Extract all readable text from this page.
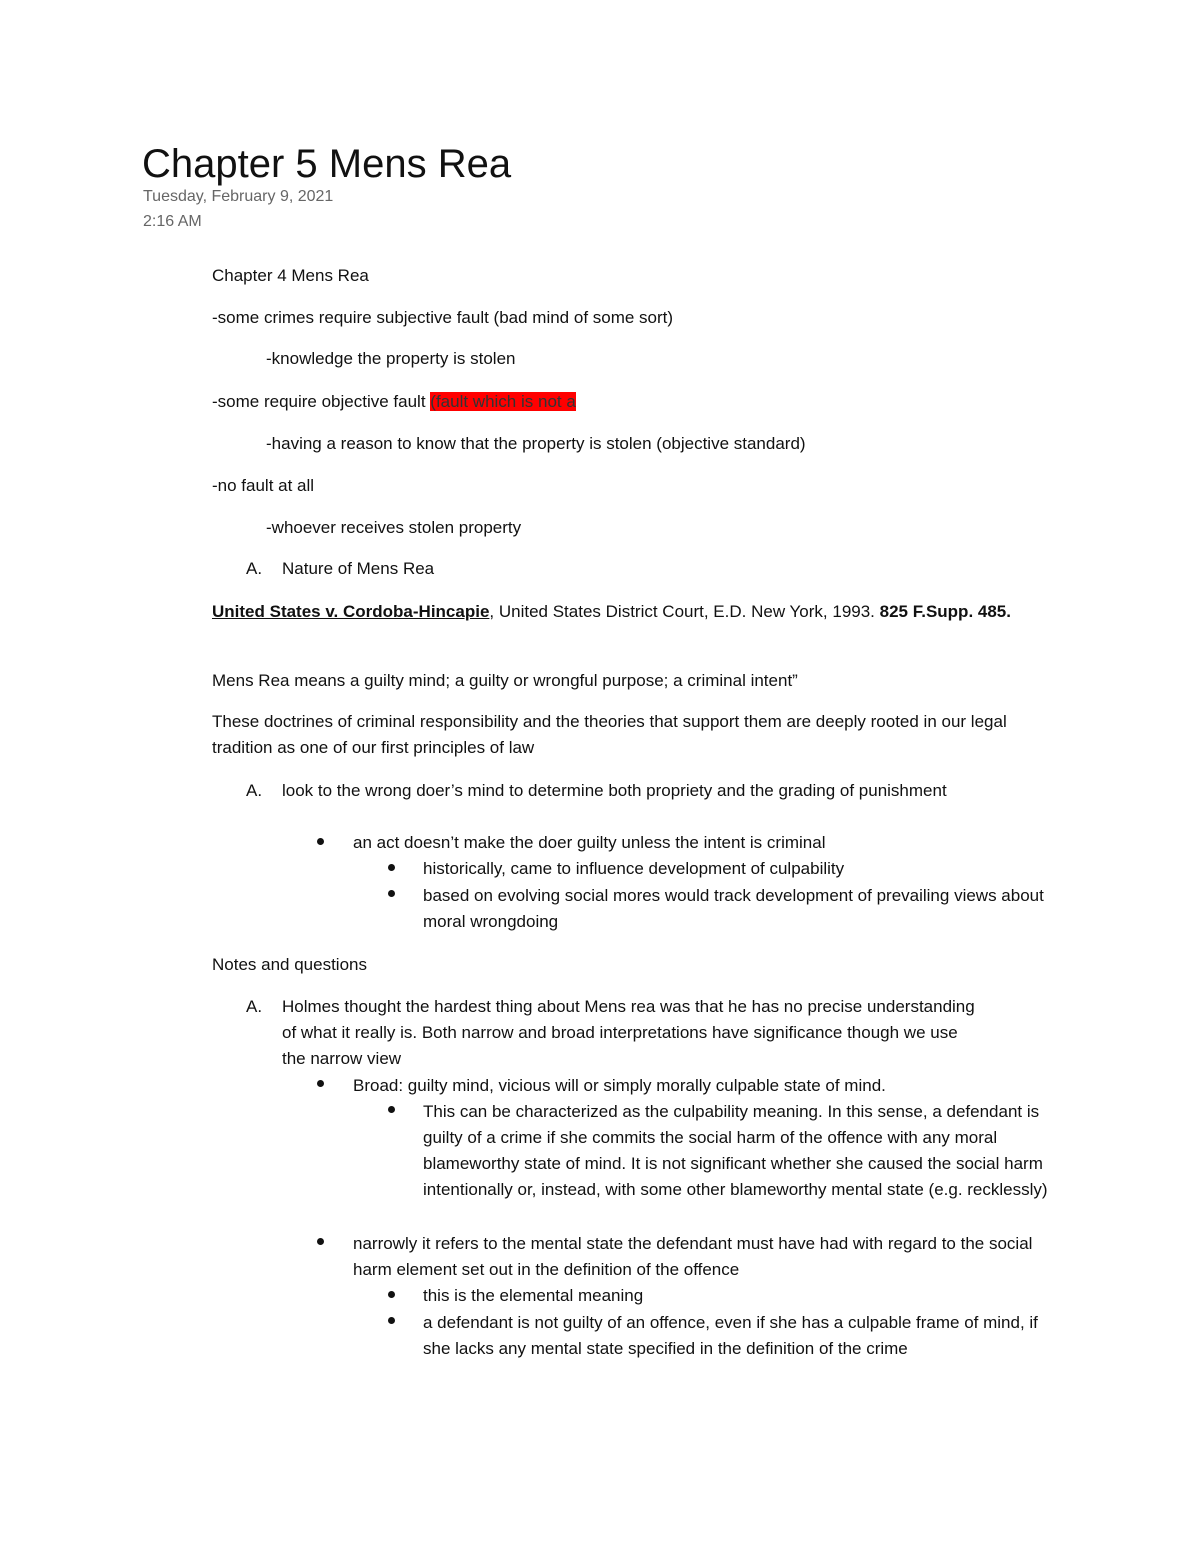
Chapter 5 Mens Rea
Tuesday, February 9, 2021
2:16 AM
Chapter 4 Mens Rea
-some crimes require subjective fault (bad mind of some sort)
-knowledge the property is stolen
-some require objective fault (fault which is not a
-having a reason to know that the property is stolen (objective standard)
-no fault at all
-whoever receives stolen property
A. Nature of Mens Rea
United States v. Cordoba-Hincapie, United States District Court, E.D. New York, 1993. 825 F.Supp. 485.
Mens Rea means a guilty mind; a guilty or wrongful purpose; a criminal intent”
These doctrines of criminal responsibility and the theories that support them are deeply rooted in our legal tradition as one of our first principles of law
A. look to the wrong doer’s mind to determine both propriety and the grading of punishment
an act doesn’t make the doer guilty unless the intent is criminal
historically, came to influence development of culpability
based on evolving social mores would track development of prevailing views about moral wrongdoing
Notes and questions
A. Holmes thought the hardest thing about Mens rea was that he has no precise understanding of what it really is. Both narrow and broad interpretations have significance though we use the narrow view
Broad: guilty mind, vicious will or simply morally culpable state of mind.
This can be characterized as the culpability meaning. In this sense, a defendant is guilty of a crime if she commits the social harm of the offence with any moral blameworthy state of mind. It is not significant whether she caused the social harm intentionally or, instead, with some other blameworthy mental state (e.g. recklessly)
narrowly it refers to the mental state the defendant must have had with regard to the social harm element set out in the definition of the offence
this is the elemental meaning
a defendant is not guilty of an offence, even if she has a culpable frame of mind, if she lacks any mental state specified in the definition of the crime
